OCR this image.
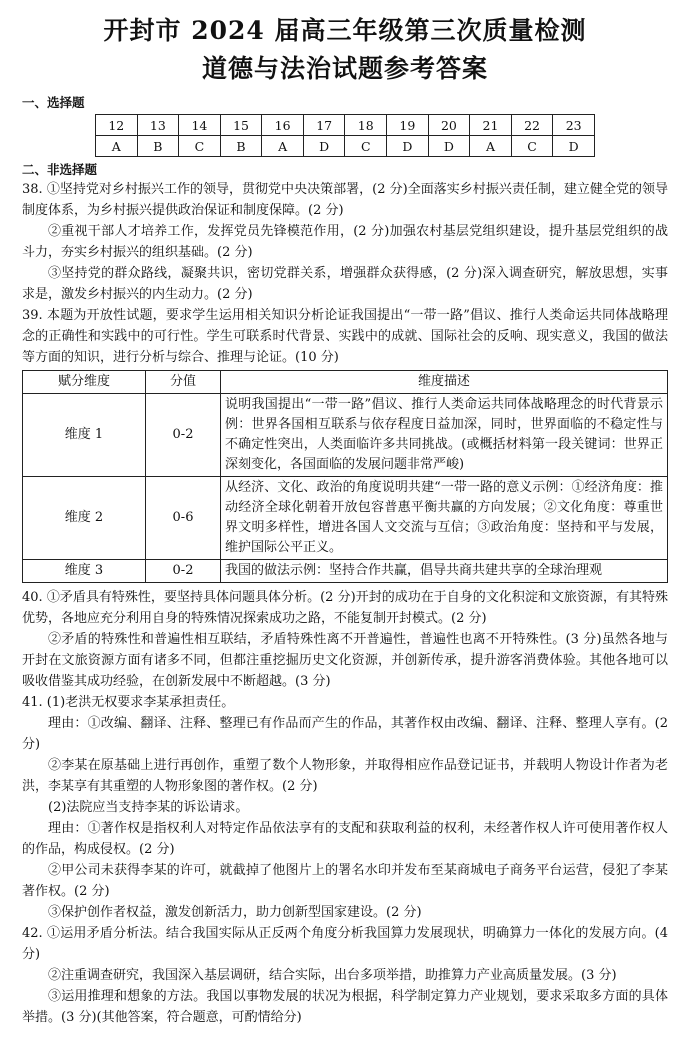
开封市 2024 届高三年级第三次质量检测
道德与法治试题参考答案
一、选择题
12	13	14	15	16	17	18	19	20	21	22	23
A	B	C	B	A	D	C	D	D	A	C	D
二、非选择题
38. ①坚持党对乡村振兴工作的领导，贯彻党中央决策部署，(2 分)全面落实乡村振兴责任制，建立健全党的领导制度体系，为乡村振兴提供政治保证和制度保障。(2 分)
②重视干部人才培养工作，发挥党员先锋模范作用，(2 分)加强农村基层党组织建设，提升基层党组织的战斗力，夯实乡村振兴的组织基础。(2 分)
③坚持党的群众路线，凝聚共识，密切党群关系，增强群众获得感，(2 分)深入调查研究，解放思想，实事求是，激发乡村振兴的内生动力。(2 分)
39. 本题为开放性试题，要求学生运用相关知识分析论证我国提出“一带一路”倡议、推行人类命运共同体战略理念的正确性和实践中的可行性。学生可联系时代背景、实践中的成就、国际社会的反响、现实意义，我国的做法等方面的知识，进行分析与综合、推理与论证。(10 分)
赋分维度	分值	维度描述
维度 1	0-2	说明我国提出“一带一路”倡议、推行人类命运共同体战略理念的时代背景示例：世界各国相互联系与依存程度日益加深，同时，世界面临的不稳定性与不确定性突出，人类面临许多共同挑战。(或概括材料第一段关键词：世界正深刻变化，各国面临的发展问题非常严峻)
维度 2	0-6	从经济、文化、政治的角度说明共建“一带一路的意义示例：①经济角度：推动经济全球化朝着开放包容普惠平衡共赢的方向发展；②文化角度：尊重世界文明多样性，增进各国人文交流与互信；③政治角度：坚持和平与发展，维护国际公平正义。
维度 3	0-2	我国的做法示例：坚持合作共赢，倡导共商共建共享的全球治理观
40. ①矛盾具有特殊性，要坚持具体问题具体分析。(2 分)开封的成功在于自身的文化积淀和文旅资源，有其特殊优势，各地应充分利用自身的特殊情况探索成功之路，不能复制开封模式。(2 分)
②矛盾的特殊性和普遍性相互联结，矛盾特殊性离不开普遍性，普遍性也离不开特殊性。(3 分)虽然各地与开封在文旅资源方面有诸多不同，但都注重挖掘历史文化资源，并创新传承，提升游客消费体验。其他各地可以吸收借鉴其成功经验，在创新发展中不断超越。(3 分)
41. (1)老洪无权要求李某承担责任。
理由：①改编、翻译、注释、整理已有作品而产生的作品，其著作权由改编、翻译、注释、整理人享有。(2 分)
②李某在原基础上进行再创作，重塑了数个人物形象，并取得相应作品登记证书，并载明人物设计作者为老洪，李某享有其重塑的人物形象图的著作权。(2 分)
(2)法院应当支持李某的诉讼请求。
理由：①著作权是指权利人对特定作品依法享有的支配和获取利益的权利，未经著作权人许可使用著作权人的作品，构成侵权。(2 分)
②甲公司未获得李某的许可，就截掉了他图片上的署名水印并发布至某商城电子商务平台运营，侵犯了李某著作权。(2 分)
③保护创作者权益，激发创新活力，助力创新型国家建设。(2 分)
42. ①运用矛盾分析法。结合我国实际从正反两个角度分析我国算力发展现状，明确算力一体化的发展方向。(4 分)
②注重调查研究，我国深入基层调研，结合实际，出台多项举措，助推算力产业高质量发展。(3 分)
③运用推理和想象的方法。我国以事物发展的状况为根据，科学制定算力产业规划，要求采取多方面的具体举措。(3 分)(其他答案，符合题意，可酌情给分)
